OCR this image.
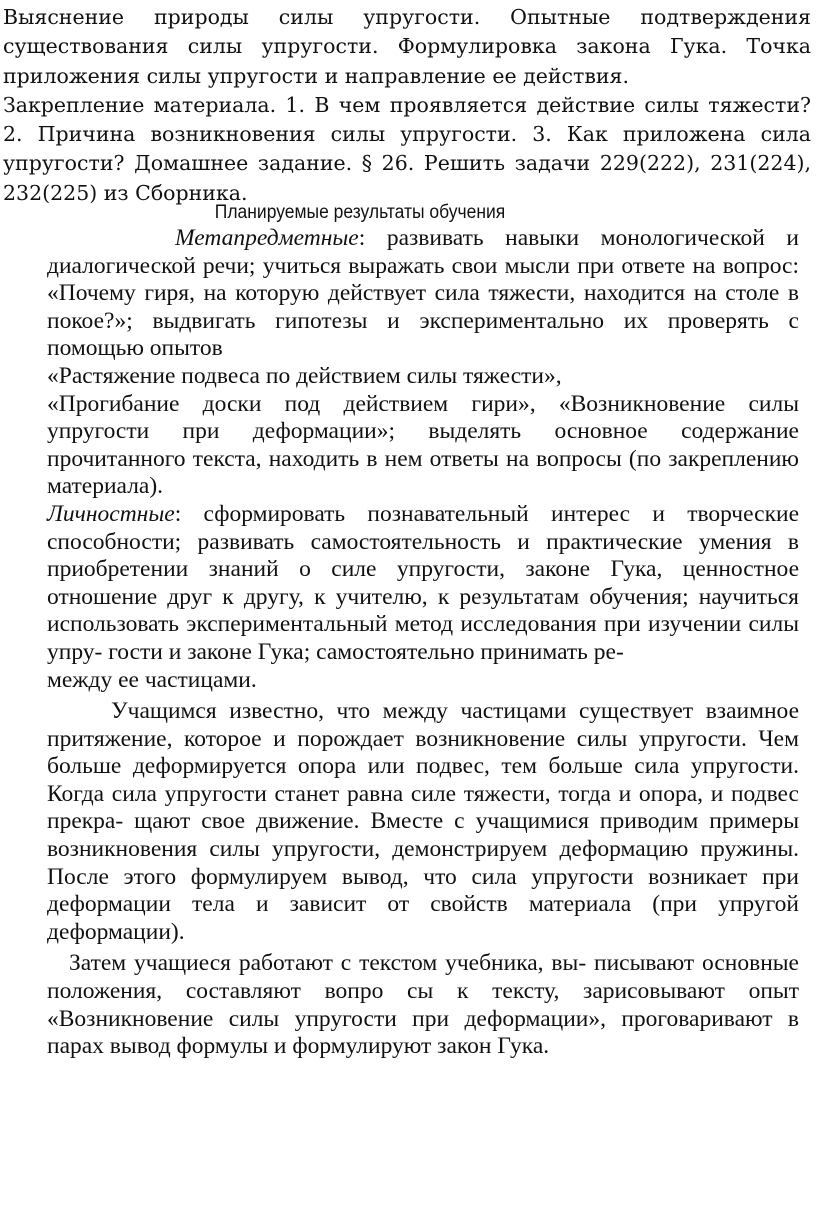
Выяснение природы силы упругости. Опытные подтверждения существования силы упругости. Формулировка закона Гука. Точка приложения силы упругости и направление ее действия.

Закрепление материала. 1. В чем проявляется действие силы тяжести? 2. Причина возникновения силы упругости. 3. Как приложена сила упругости? Домашнее задание. § 26. Решить задачи 229(222), 231(224), 232(225) из Сборника.

Планируемые результаты обучения

Метапредметные: развивать навыки монологической и диалогической речи; учиться выражать свои мысли при ответе на вопрос: «Почему гиря, на которую действует сила тяжести, находится на столе в покое?»; выдвигать гипотезы и экспериментально их проверять с помощью опытов

«Растяжение подвеса по действием силы тяжести»,

«Прогибание доски под действием гири», «Возникновение силы упругости при деформации»; выделять основное содержание прочитанного текста, находить в нем ответы на вопросы (по закреплению материала).

Личностные: сформировать познавательный интерес и творческие способности; развивать самостоятельность и практические умения в приобретении знаний о силе упругости, законе Гука, ценностное отношение друг к другу, к учителю, к результатам обучения; научиться использовать экспериментальный метод исследования при изучении силы упру- гости и законе Гука; самостоятельно принимать ре-

между ее частицами.

Учащимся известно, что между частицами существует взаимное притяжение, которое и порождает возникновение силы упругости. Чем больше деформируется опора или подвес, тем больше сила упругости. Когда сила упругости станет равна силе тяжести, тогда и опора, и подвес прекра- щают свое движение. Вместе с учащимися приводим примеры возникновения силы упругости, демонстрируем деформацию пружины. После этого формулируем вывод, что сила упругости возникает при деформации тела и зависит от свойств материала (при упругой деформации).

Затем учащиеся работают с текстом учебника, вы- писывают основные положения, составляют вопро сы к тексту, зарисовывают опыт «Возникновение силы упругости при деформации», проговаривают в парах вывод формулы и формулируют закон Гука.
